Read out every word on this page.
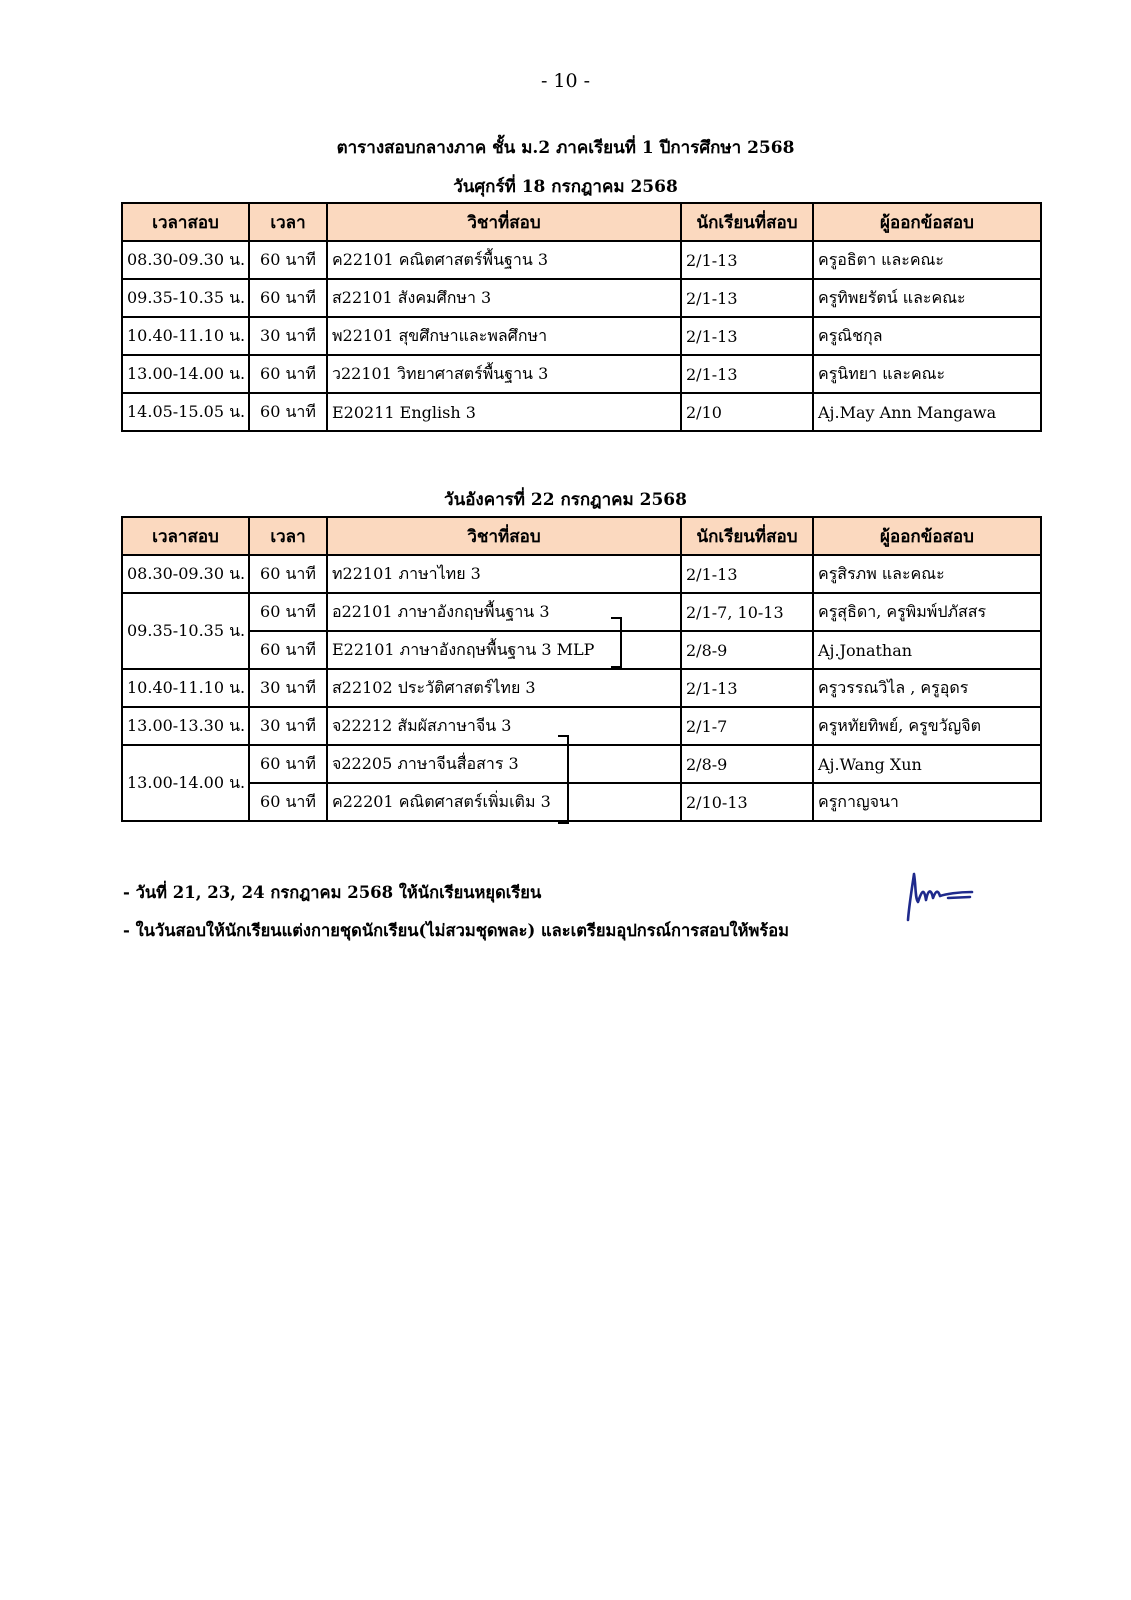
- 10 -
ตารางสอบกลางภาค ชั้น ม.2 ภาคเรียนที่ 1 ปีการศึกษา 2568
วันศุกร์ที่ 18 กรกฎาคม 2568
เวลาสอบ	เวลา	วิชาที่สอบ	นักเรียนที่สอบ	ผู้ออกข้อสอบ
08.30-09.30 น.	60 นาที	ค22101 คณิตศาสตร์พื้นฐาน 3	2/1-13	ครูอธิตา และคณะ
09.35-10.35 น.	60 นาที	ส22101 สังคมศึกษา 3	2/1-13	ครูทิพยรัตน์ และคณะ
10.40-11.10 น.	30 นาที	พ22101 สุขศึกษาและพลศึกษา	2/1-13	ครูณิชกุล
13.00-14.00 น.	60 นาที	ว22101 วิทยาศาสตร์พื้นฐาน 3	2/1-13	ครูนิทยา และคณะ
14.05-15.05 น.	60 นาที	E20211 English 3	2/10	Aj.May Ann Mangawa
วันอังคารที่ 22 กรกฎาคม 2568
เวลาสอบ	เวลา	วิชาที่สอบ	นักเรียนที่สอบ	ผู้ออกข้อสอบ
08.30-09.30 น.	60 นาที	ท22101 ภาษาไทย 3	2/1-13	ครูสิรภพ และคณะ
09.35-10.35 น.	60 นาที	อ22101 ภาษาอังกฤษพื้นฐาน 3	2/1-7, 10-13	ครูสุธิดา, ครูพิมพ์ปภัสสร
	60 นาที	E22101 ภาษาอังกฤษพื้นฐาน 3 MLP	2/8-9	Aj.Jonathan
10.40-11.10 น.	30 นาที	ส22102 ประวัติศาสตร์ไทย 3	2/1-13	ครูวรรณวิไล , ครูอุดร
13.00-13.30 น.	30 นาที	จ22212 สัมผัสภาษาจีน 3	2/1-7	ครูหทัยทิพย์, ครูขวัญจิต
13.00-14.00 น.	60 นาที	จ22205 ภาษาจีนสื่อสาร 3	2/8-9	Aj.Wang Xun
	60 นาที	ค22201 คณิตศาสตร์เพิ่มเติม 3	2/10-13	ครูกาญจนา
- วันที่ 21, 23, 24 กรกฎาคม 2568 ให้นักเรียนหยุดเรียน
- ในวันสอบให้นักเรียนแต่งกายชุดนักเรียน(ไม่สวมชุดพละ) และเตรียมอุปกรณ์การสอบให้พร้อม
